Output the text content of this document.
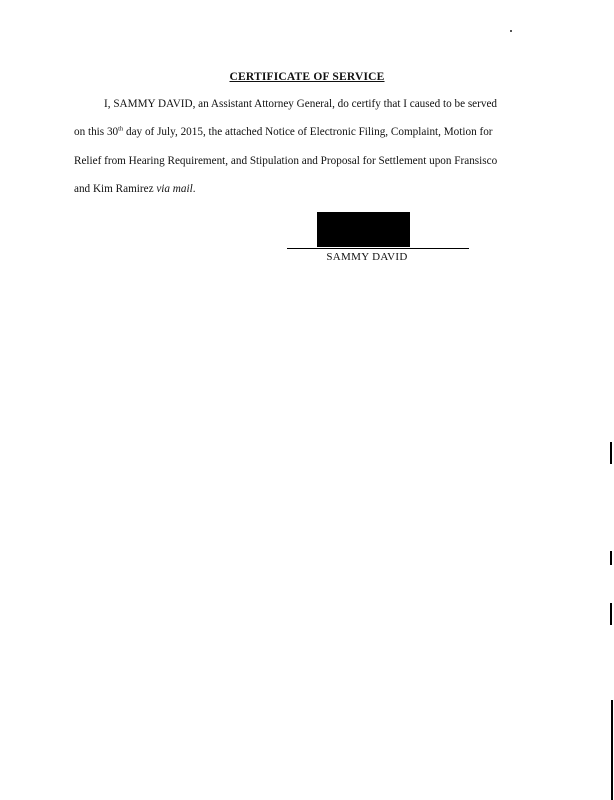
CERTIFICATE OF SERVICE
I, SAMMY DAVID, an Assistant Attorney General, do certify that I caused to be served
on this 30th day of July, 2015, the attached Notice of Electronic Filing, Complaint, Motion for
Relief from Hearing Requirement, and Stipulation and Proposal for Settlement upon Fransisco
and Kim Ramirez via mail.
SAMMY DAVID
